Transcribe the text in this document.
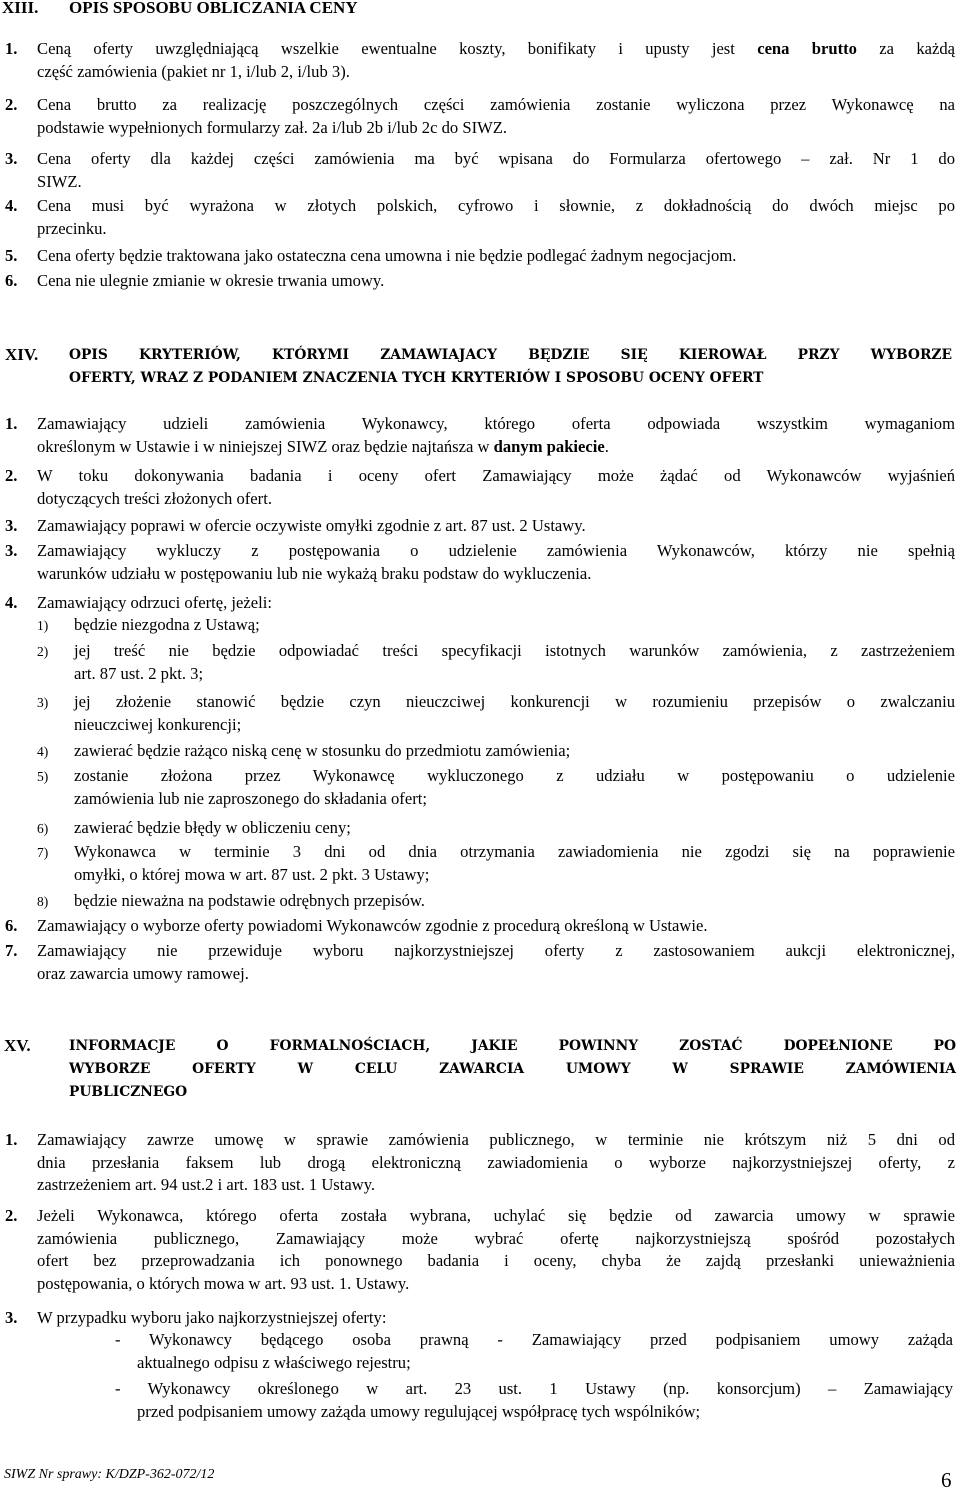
XIII. OPIS SPOSOBU OBLICZANIA CENY
1. Ceną oferty uwzględniającą wszelkie ewentualne koszty, bonifikaty i upusty jest cena brutto za każdą
część zamówienia (pakiet nr 1, i/lub 2, i/lub 3).
2. Cena brutto za realizację poszczególnych części zamówienia zostanie wyliczona przez Wykonawcę na
podstawie wypełnionych formularzy zał. 2a i/lub 2b i/lub 2c do SIWZ.
3. Cena oferty dla każdej części zamówienia ma być wpisana do Formularza ofertowego – zał. Nr 1 do
SIWZ.
4. Cena musi być wyrażona w złotych polskich, cyfrowo i słownie, z dokładnością do dwóch miejsc po
przecinku.
5. Cena oferty będzie traktowana jako ostateczna cena umowna i nie będzie podlegać żadnym negocjacjom.
6. Cena nie ulegnie zmianie w okresie trwania umowy.
XIV. OPIS KRYTERIÓW, KTÓRYMI ZAMAWIAJACY BĘDZIE SIĘ KIEROWAŁ PRZY WYBORZE
OFERTY, WRAZ Z PODANIEM ZNACZENIA TYCH KRYTERIÓW I SPOSOBU OCENY OFERT
1. Zamawiający udzieli zamówienia Wykonawcy, którego oferta odpowiada wszystkim wymaganiom
określonym w Ustawie i w niniejszej SIWZ oraz będzie najtańsza w danym pakiecie.
2. W toku dokonywania badania i oceny ofert Zamawiający może żądać od Wykonawców wyjaśnień
dotyczących treści złożonych ofert.
3. Zamawiający poprawi w ofercie oczywiste omyłki zgodnie z art. 87 ust. 2 Ustawy.
3. Zamawiający wykluczy z postępowania o udzielenie zamówienia Wykonawców, którzy nie spełnią
warunków udziału w postępowaniu lub nie wykażą braku podstaw do wykluczenia.
4. Zamawiający odrzuci ofertę, jeżeli:
1) będzie niezgodna z Ustawą;
2) jej treść nie będzie odpowiadać treści specyfikacji istotnych warunków zamówienia, z zastrzeżeniem
art. 87 ust. 2 pkt. 3;
3) jej złożenie stanowić będzie czyn nieuczciwej konkurencji w rozumieniu przepisów o zwalczaniu
nieuczciwej konkurencji;
4) zawierać będzie rażąco niską cenę w stosunku do przedmiotu zamówienia;
5) zostanie złożona przez Wykonawcę wykluczonego z udziału w postępowaniu o udzielenie
zamówienia lub nie zaproszonego do składania ofert;
6) zawierać będzie błędy w obliczeniu ceny;
7) Wykonawca w terminie 3 dni od dnia otrzymania zawiadomienia nie zgodzi się na poprawienie
omyłki, o której mowa w art. 87 ust. 2 pkt. 3 Ustawy;
8) będzie nieważna na podstawie odrębnych przepisów.
6. Zamawiający o wyborze oferty powiadomi Wykonawców zgodnie z procedurą określoną w Ustawie.
7. Zamawiający nie przewiduje wyboru najkorzystniejszej oferty z zastosowaniem aukcji elektronicznej,
oraz zawarcia umowy ramowej.
XV.	INFORMACJE O FORMALNOŚCIACH, JAKIE POWINNY ZOSTAĆ DOPEŁNIONE PO
WYBORZE OFERTY W CELU ZAWARCIA UMOWY W SPRAWIE ZAMÓWIENIA
PUBLICZNEGO
1. Zamawiający zawrze umowę w sprawie zamówienia publicznego, w terminie nie krótszym niż 5 dni od
dnia przesłania faksem lub drogą elektroniczną zawiadomienia o wyborze najkorzystniejszej oferty, z
zastrzeżeniem art. 94 ust.2 i art. 183 ust. 1 Ustawy.
2. Jeżeli Wykonawca, którego oferta została wybrana, uchylać się będzie od zawarcia umowy w sprawie
zamówienia publicznego, Zamawiający może wybrać ofertę najkorzystniejszą spośród pozostałych
ofert bez przeprowadzania ich ponownego badania i oceny, chyba że zajdą przesłanki unieważnienia
postępowania, o których mowa w art. 93 ust. 1. Ustawy.
3. W przypadku wyboru jako najkorzystniejszej oferty:
- Wykonawcy będącego osoba prawną - Zamawiający przed podpisaniem umowy zażąda
aktualnego odpisu z właściwego rejestru;
- Wykonawcy określonego w art. 23 ust. 1 Ustawy (np. konsorcjum) – Zamawiający
przed podpisaniem umowy zażąda umowy regulującej współpracę tych wspólników;
SIWZ Nr sprawy: K/DZP-362-072/12	6
